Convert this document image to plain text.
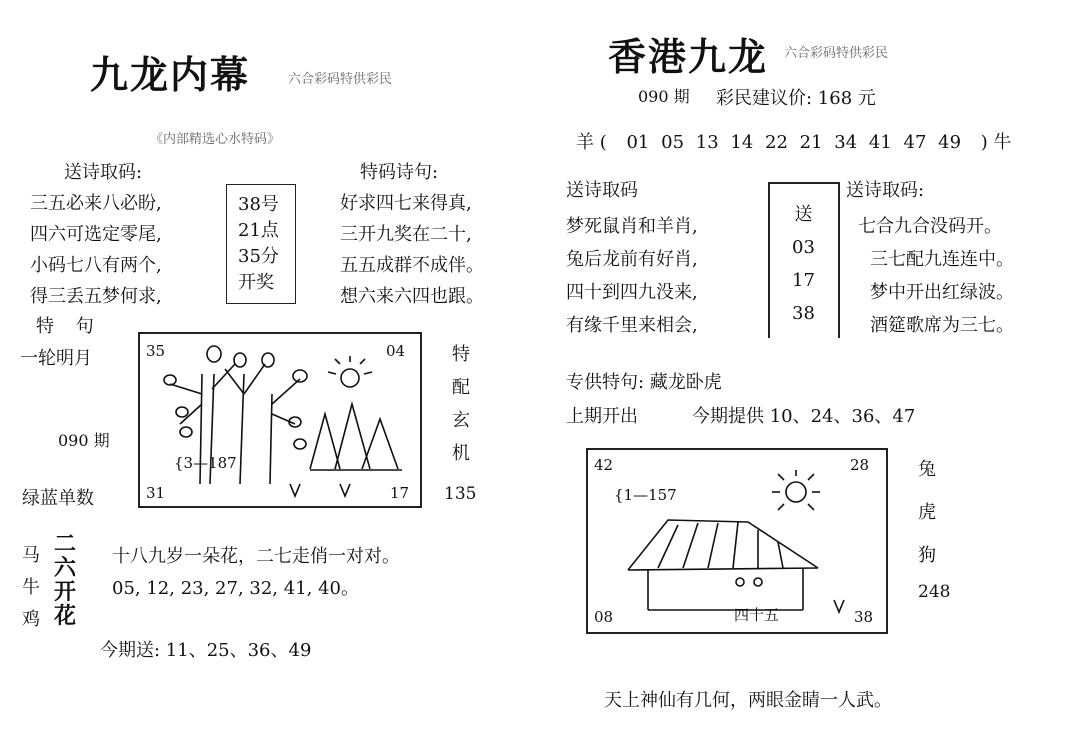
九龙内幕	六合彩码特供彩民
《内部精选心水特码》
送诗取码:
三五必来八必盼,
四六可选定零尾,
小码七八有两个,
得三丢五梦何求,
38号
21点
35分
开奖
特码诗句:
好求四七来得真,
三开九奖在二十,
五五成群不成伴。
想六来六四也跟。
特 句
一轮明月
090 期
绿蓝单数
35	04
31	17
{3—187
特
配
玄
机
135
马
牛
鸡
二
六
开
花
十八九岁一朵花，二七走俏一对对。
05, 12, 23, 27, 32, 41, 40。
今期送: 11、25、36、49
香港九龙 六合彩码特供彩民
090 期 彩民建议价: 168 元
羊 ( 01 05 13 14 22 21 34 41 47 49 ) 牛
送诗取码
梦死鼠肖和羊肖,
兔后龙前有好肖,
四十到四九没来,
有缘千里来相会,
送
03
17
38
送诗取码:
七合九合没码开。
三七配九连连中。
梦中开出红绿波。
酒筵歌席为三七。
专供特句: 藏龙卧虎
上期开出	今期提供 10、24、36、47
42	28
08	38
{1—157
四十五
兔
虎
狗
248
天上神仙有几何，两眼金睛一人武。
